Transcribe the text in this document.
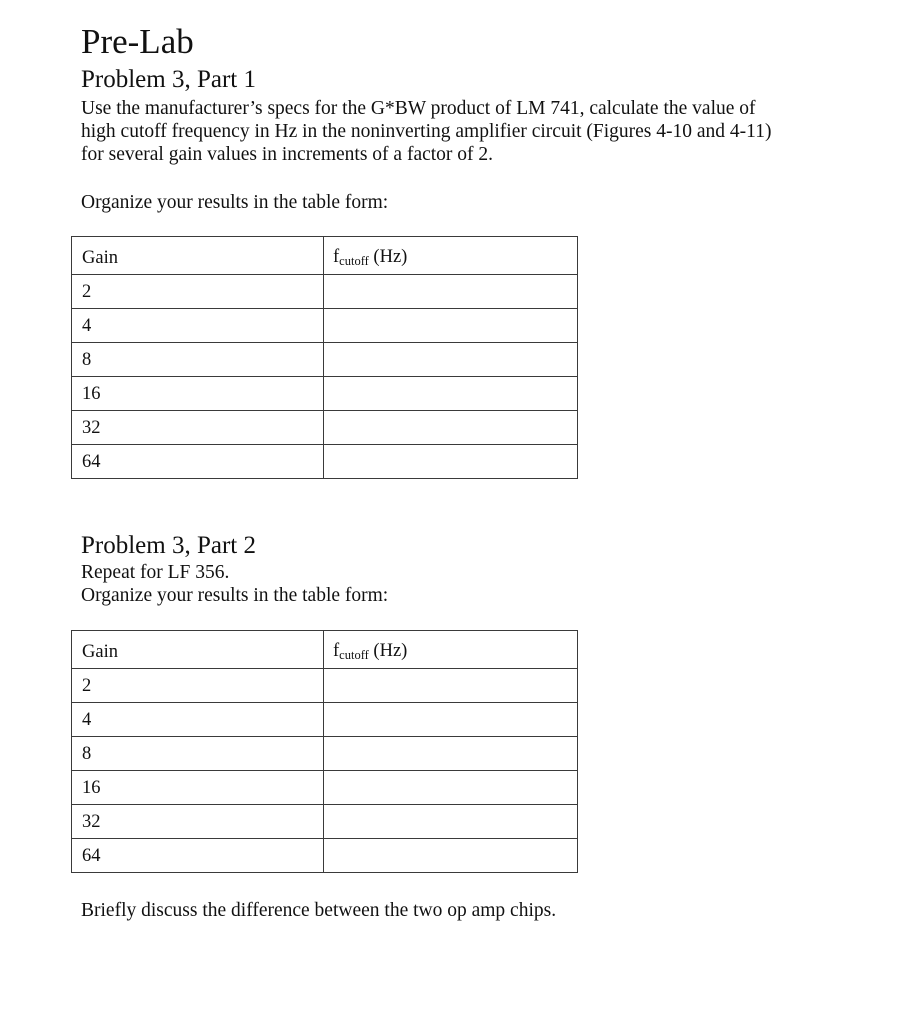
Pre-Lab
Problem 3, Part 1
Use the manufacturer’s specs for the G*BW product of LM 741, calculate the value of
high cutoff frequency in Hz in the noninverting amplifier circuit (Figures 4-10 and 4-11)
for several gain values in increments of a factor of 2.
Organize your results in the table form:
Gain	fcutoff (Hz)
2	
4	
8	
16	
32	
64	
Problem 3, Part 2
Repeat for LF 356.
Organize your results in the table form:
Gain	fcutoff (Hz)
2	
4	
8	
16	
32	
64	
Briefly discuss the difference between the two op amp chips.
